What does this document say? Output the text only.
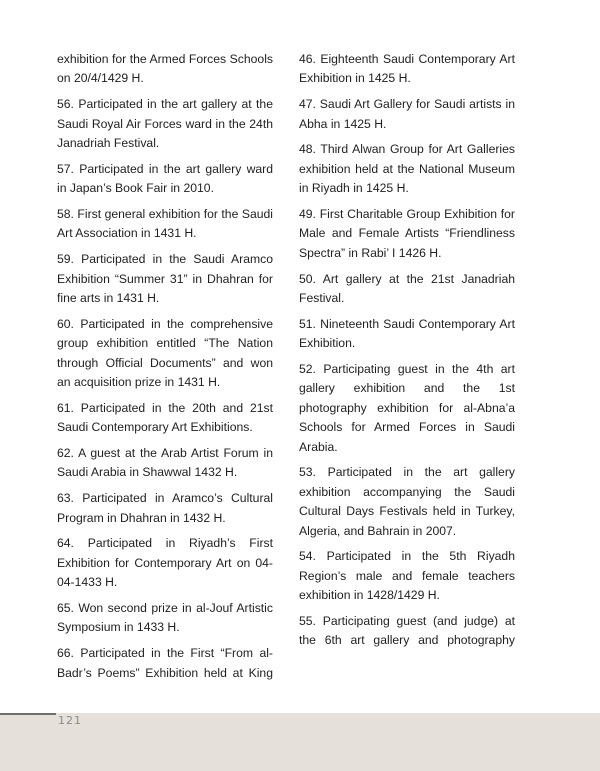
exhibition for the Armed Forces Schools on 20/4/1429 H.

56. Participated in the art gallery at the Saudi Royal Air Forces ward in the 24th Janadriah Festival.

57. Participated in the art gallery ward in Japan’s Book Fair in 2010.

58. First general exhibition for the Saudi Art Association in 1431 H.

59. Participated in the Saudi Aramco Exhibition “Summer 31” in Dhahran for fine arts in 1431 H.

60. Participated in the comprehensive group exhibition entitled “The Nation through Official Documents” and won an acquisition prize in 1431 H.

61. Participated in the 20th and 21st Saudi Contemporary Art Exhibitions.

62. A guest at the Arab Artist Forum in Saudi Arabia in Shawwal 1432 H.

63. Participated in Aramco’s Cultural Program in Dhahran in 1432 H.

64. Participated in Riyadh’s First Exhibition for Contemporary Art on 04-04-1433 H.

65. Won second prize in al-Jouf Artistic Symposium in 1433 H.

66. Participated in the First “From al-Badr’s Poems” Exhibition held at King

46. Eighteenth Saudi Contemporary Art Exhibition in 1425 H.

47. Saudi Art Gallery for Saudi artists in Abha in 1425 H.

48. Third Alwan Group for Art Galleries exhibition held at the National Museum in Riyadh in 1425 H.

49. First Charitable Group Exhibition for Male and Female Artists “Friendliness Spectra” in Rabi’ I 1426 H.

50. Art gallery at the 21st Janadriah Festival.

51. Nineteenth Saudi Contemporary Art Exhibition.

52. Participating guest in the 4th art gallery exhibition and the 1st photography exhibition for al-Abna’a Schools for Armed Forces in Saudi Arabia.

53. Participated in the art gallery exhibition accompanying the Saudi Cultural Days Festivals held in Turkey, Algeria, and Bahrain in 2007.

54. Participated in the 5th Riyadh Region’s male and female teachers exhibition in 1428/1429 H.

55. Participating guest (and judge) at the 6th art gallery and photography

121
